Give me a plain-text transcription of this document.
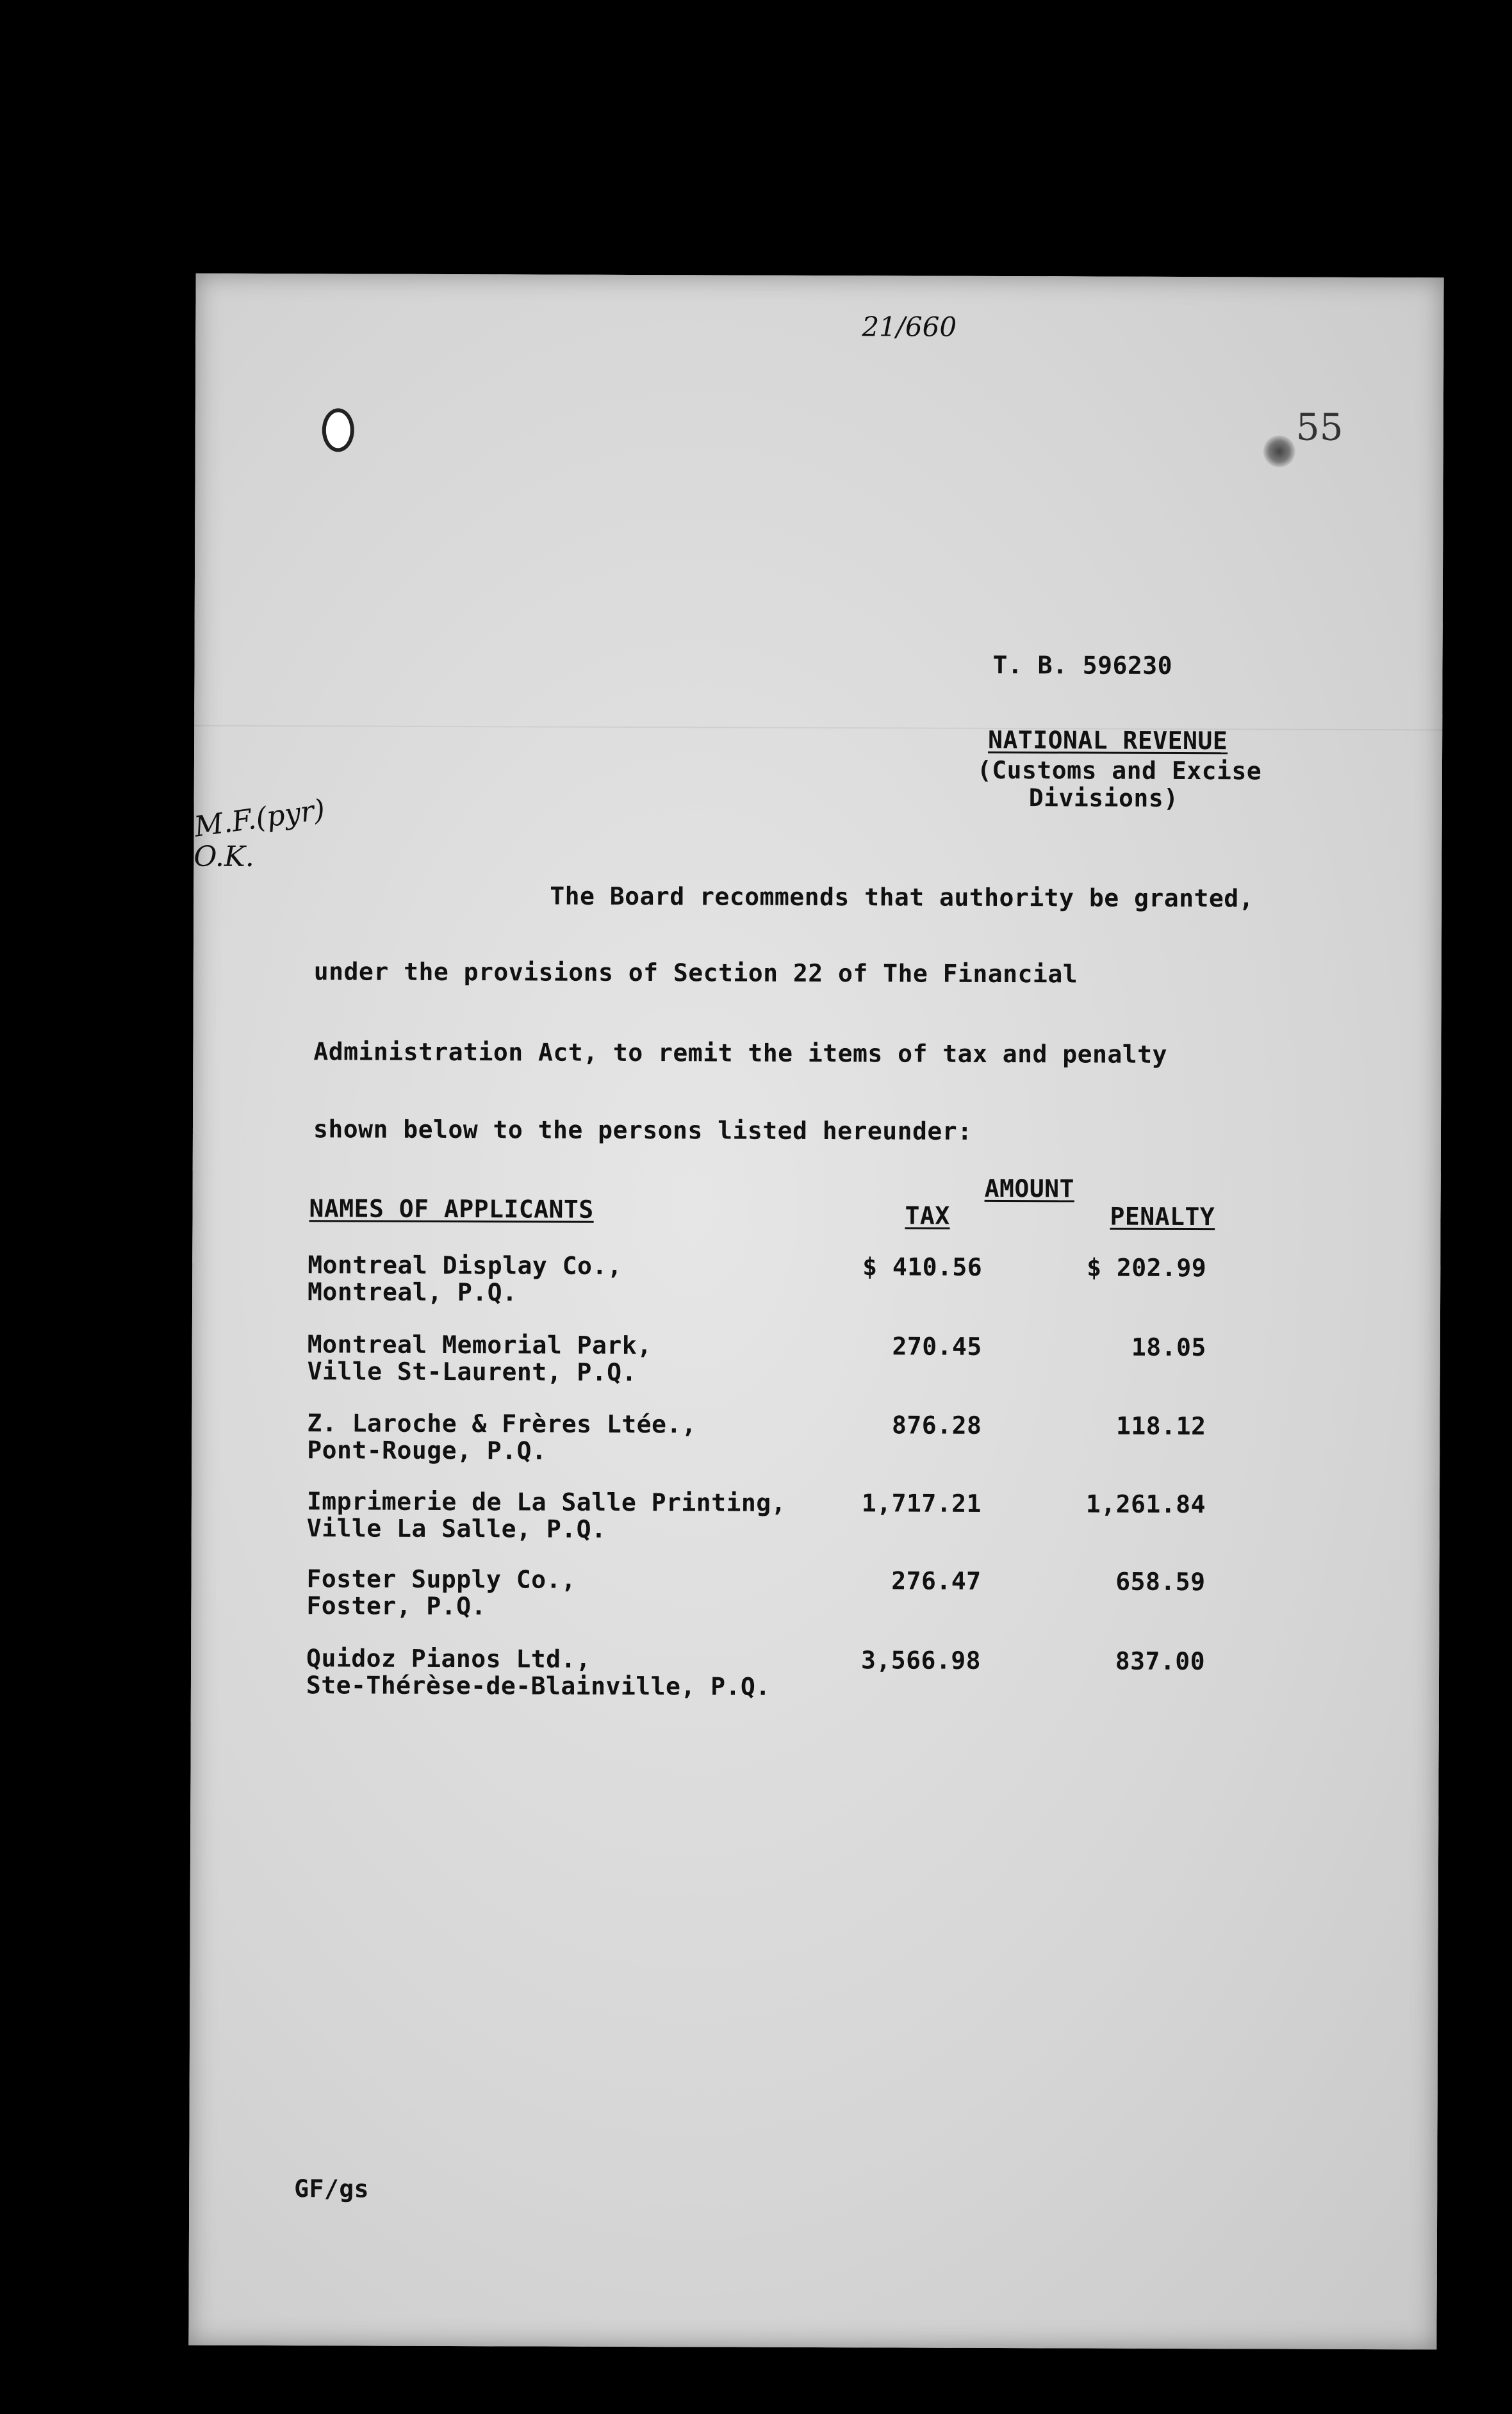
21/660
55
M.F.(pyr)
O.K.
T. B. 596230
NATIONAL REVENUE
(Customs and Excise
Divisions)
The Board recommends that authority be granted,
under the provisions of Section 22 of The Financial
Administration Act, to remit the items of tax and penalty
shown below to the persons listed hereunder:
NAMES OF APPLICANTS
AMOUNT
TAX	PENALTY
Montreal Display Co.,
Montreal, P.Q.
$ 410.56	$ 202.99
Montreal Memorial Park,
Ville St-Laurent, P.Q.
270.45	18.05
Z. Laroche & Frères Ltée.,
Pont-Rouge, P.Q.
876.28	118.12
Imprimerie de La Salle Printing,
Ville La Salle, P.Q.
1,717.21	1,261.84
Foster Supply Co.,
Foster, P.Q.
276.47	658.59
Quidoz Pianos Ltd.,
Ste-Thérèse-de-Blainville, P.Q.
3,566.98	837.00
GF/gs
